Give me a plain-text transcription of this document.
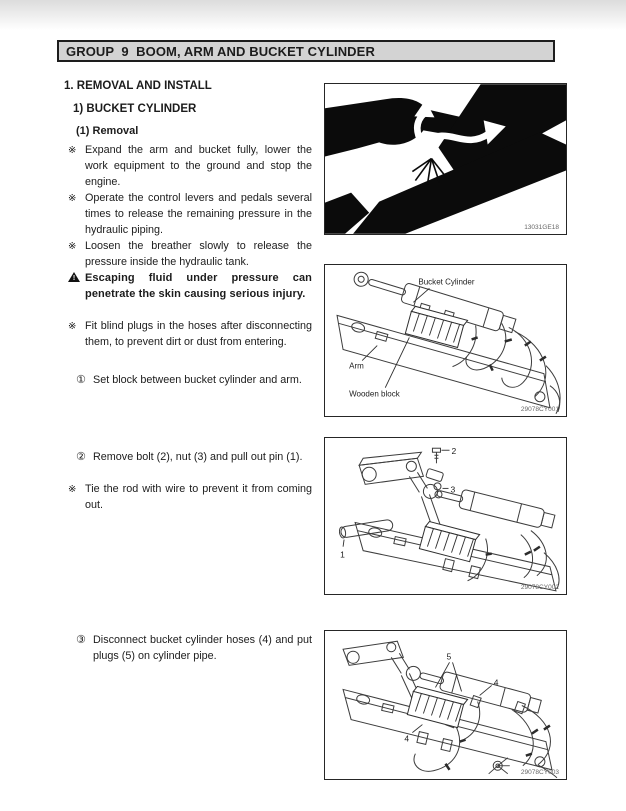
GROUP  9  BOOM, ARM AND BUCKET CYLINDER
1. REMOVAL AND INSTALL
1) BUCKET CYLINDER
(1) Removal
※ Expand the arm and bucket fully, lower the work equipment to the ground and stop the engine.
※ Operate the control levers and pedals several times to release the remaining pressure in the hydraulic piping.
※ Loosen the breather slowly to release the pressure inside the hydraulic tank.
! Escaping fluid under pressure can penetrate the skin causing serious injury.
※ Fit blind plugs in the hoses after disconnecting them, to prevent dirt or dust from entering.
① Set block between bucket cylinder and arm.
② Remove bolt (2), nut (3) and pull out pin (1).
※ Tie the rod with wire to prevent it from coming out.
③ Disconnect bucket cylinder hoses (4) and put plugs (5) on cylinder pipe.
13031GE18
Bucket Cylinder
Arm
Wooden block
29078CY001
2
3
1
29078CY002
5
4
4
29078CY003
